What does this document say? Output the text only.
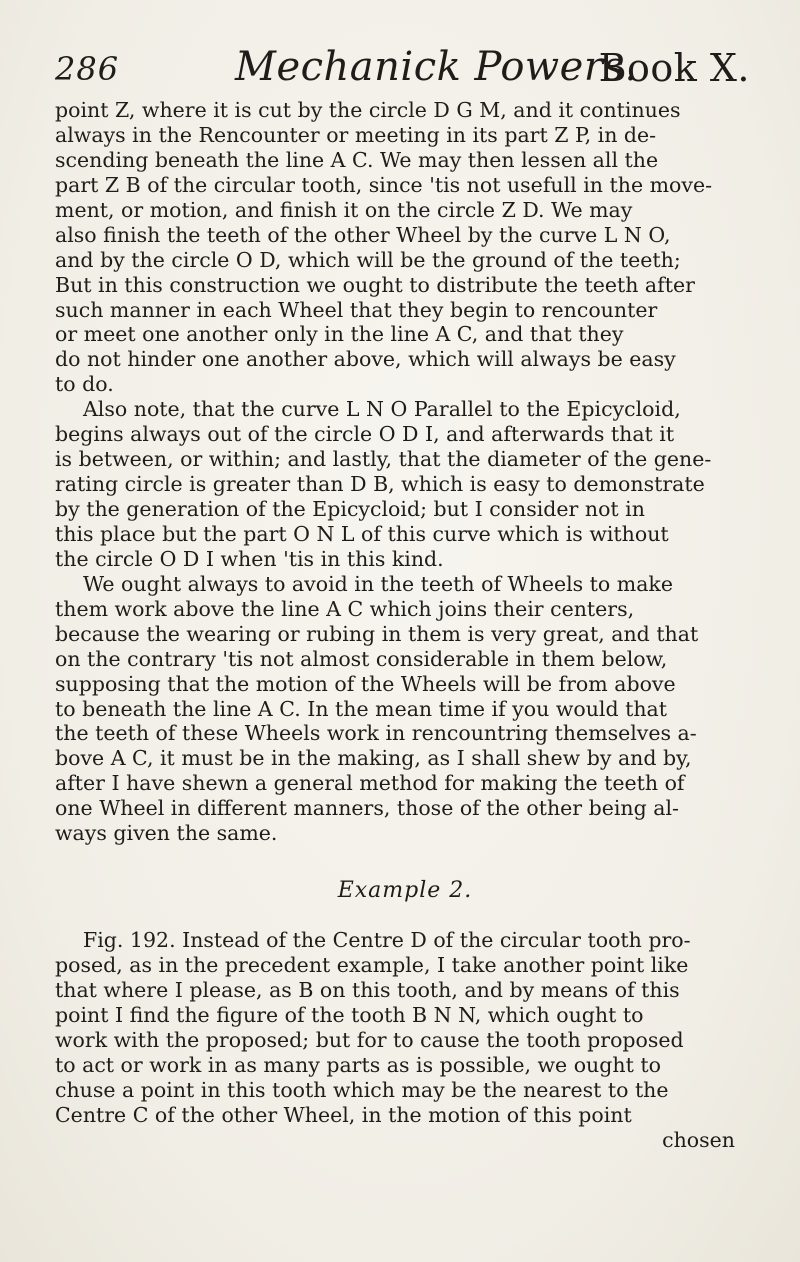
286	Mechanick Powers.
Book X.
point Z, where it is cut by the circle D G M, and it continues
always in the Rencounter or meeting in its part Z P, in de-
scending beneath the line A C. We may then lessen all the
part Z B of the circular tooth, since 'tis not usefull in the move-
ment, or motion, and finish it on the circle Z D. We may
also finish the teeth of the other Wheel by the curve L N O,
and by the circle O D, which will be the ground of the teeth;
But in this construction we ought to distribute the teeth after
such manner in each Wheel that they begin to rencounter
or meet one another only in the line A C, and that they
do not hinder one another above, which will always be easy
to do.
Also note, that the curve L N O Parallel to the Epicycloid,
begins always out of the circle O D I, and afterwards that it
is between, or within; and lastly, that the diameter of the gene-
rating circle is greater than D B, which is easy to demonstrate
by the generation of the Epicycloid; but I consider not in
this place but the part O N L of this curve which is without
the circle O D I when 'tis in this kind.
We ought always to avoid in the teeth of Wheels to make
them work above the line A C which joins their centers,
because the wearing or rubing in them is very great, and that
on the contrary 'tis not almost considerable in them below,
supposing that the motion of the Wheels will be from above
to beneath the line A C. In the mean time if you would that
the teeth of these Wheels work in rencountring themselves a-
bove A C, it must be in the making, as I shall shew by and by,
after I have shewn a general method for making the teeth of
one Wheel in different manners, those of the other being al-
ways given the same.
Example 2.
Fig. 192. Instead of the Centre D of the circular tooth pro-
posed, as in the precedent example, I take another point like
that where I please, as B on this tooth, and by means of this
point I find the figure of the tooth B N N, which ought to
work with the proposed; but for to cause the tooth proposed
to act or work in as many parts as is possible, we ought to
chuse a point in this tooth which may be the nearest to the
Centre C of the other Wheel, in the motion of this point
chosen
